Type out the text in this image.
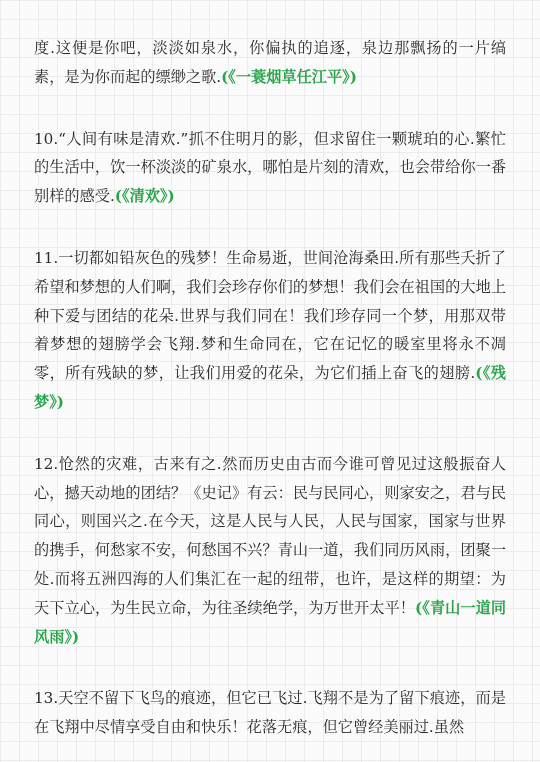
度.这便是你吧，淡淡如泉水，你偏执的追逐，泉边那飘扬的一片缟素，是为你而起的缥缈之歌.(《一蓑烟草任江平》)

10.“人间有味是清欢.”抓不住明月的影，但求留住一颗琥珀的心.繁忙的生活中，饮一杯淡淡的矿泉水，哪怕是片刻的清欢，也会带给你一番别样的感受.(《清欢》)

11.一切都如铅灰色的残梦！生命易逝，世间沧海桑田.所有那些夭折了希望和梦想的人们啊，我们会珍存你们的梦想！我们会在祖国的大地上种下爱与团结的花朵.世界与我们同在！我们珍存同一个梦，用那双带着梦想的翅膀学会飞翔.梦和生命同在，它在记忆的暖室里将永不凋零，所有残缺的梦，让我们用爱的花朵，为它们插上奋飞的翅膀.(《残梦》)

12.怆然的灾难，古来有之.然而历史由古而今谁可曾见过这般振奋人心，撼天动地的团结？《史记》有云：民与民同心，则家安之，君与民同心，则国兴之.在今天，这是人民与人民，人民与国家，国家与世界的携手，何愁家不安，何愁国不兴？青山一道，我们同历风雨，团聚一处.而将五洲四海的人们集汇在一起的纽带，也许，是这样的期望：为天下立心，为生民立命，为往圣续绝学，为万世开太平！(《青山一道同风雨》)

13.天空不留下飞鸟的痕迹，但它已飞过.飞翔不是为了留下痕迹，而是在飞翔中尽情享受自由和快乐！花落无痕，但它曾经美丽过.虽然
